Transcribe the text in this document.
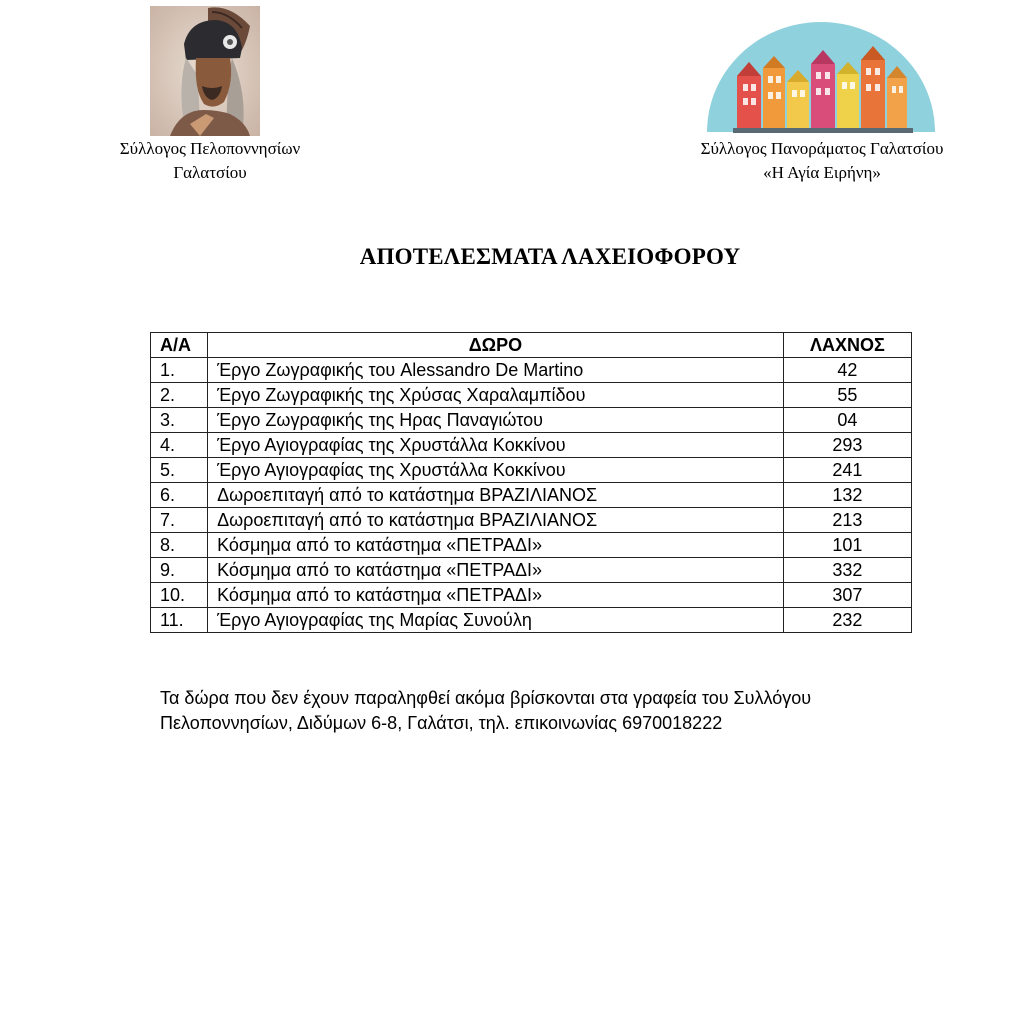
Σύλλογος Πελοποννησίων
Γαλατσίου
Σύλλογος Πανοράματος Γαλατσίου
«Η Αγία Ειρήνη»
ΑΠΟΤΕΛΕΣΜΑΤΑ ΛΑΧΕΙΟΦΟΡΟΥ
Α/Α	ΔΩΡΟ	ΛΑΧΝΟΣ
1.	Έργο Ζωγραφικής του Alessandro De Martino	42
2.	Έργο Ζωγραφικής της Χρύσας Χαραλαμπίδου	55
3.	Έργο Ζωγραφικής της Ηρας Παναγιώτου	04
4.	Έργο Αγιογραφίας της Χρυστάλλα Κοκκίνου	293
5.	Έργο Αγιογραφίας της Χρυστάλλα Κοκκίνου	241
6.	Δωροεπιταγή από το κατάστημα ΒΡΑΖΙΛΙΑΝΟΣ	132
7.	Δωροεπιταγή από το κατάστημα ΒΡΑΖΙΛΙΑΝΟΣ	213
8.	Κόσμημα από το κατάστημα «ΠΕΤΡΑΔΙ»	101
9.	Κόσμημα από το κατάστημα «ΠΕΤΡΑΔΙ»	332
10.	Κόσμημα από το κατάστημα «ΠΕΤΡΑΔΙ»	307
11.	Έργο Αγιογραφίας της Μαρίας Συνούλη	232
Τα δώρα που δεν έχουν παραληφθεί ακόμα βρίσκονται στα γραφεία του Συλλόγου
Πελοποννησίων, Διδύμων 6-8, Γαλάτσι, τηλ. επικοινωνίας 6970018222
